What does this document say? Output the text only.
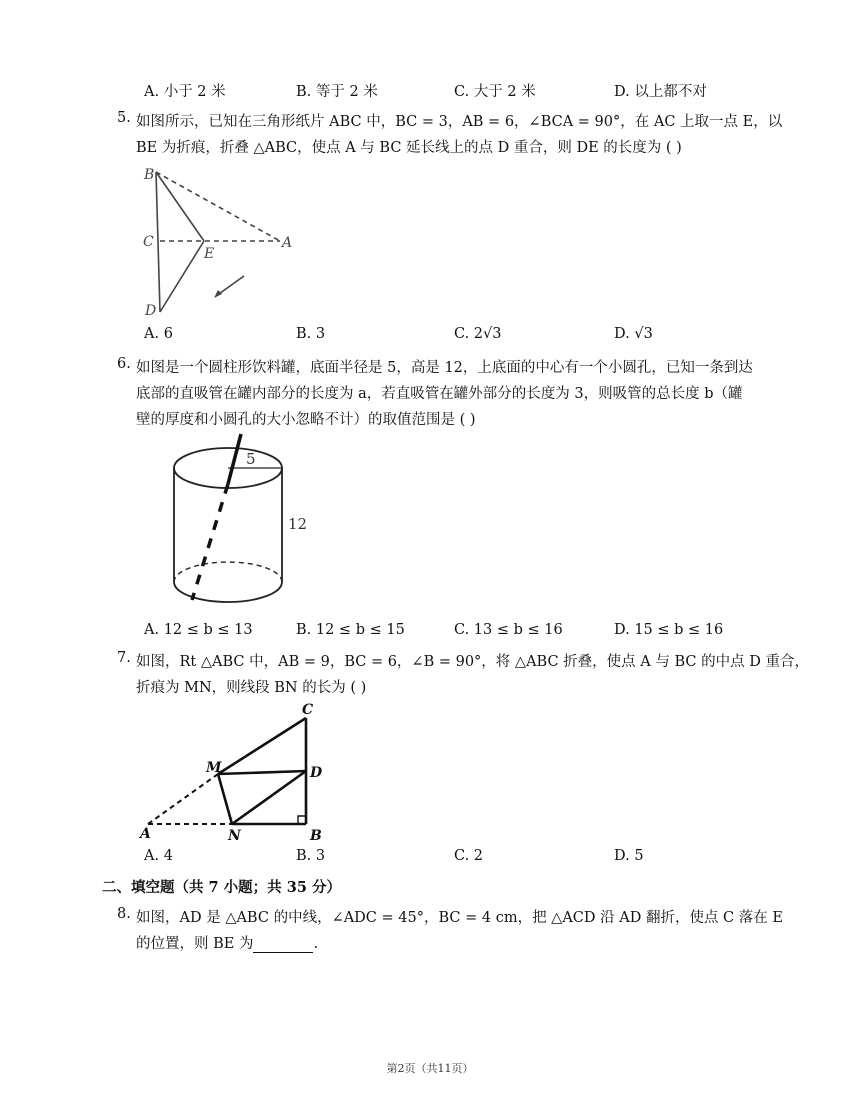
A. 小于 2 米	B. 等于 2 米	C. 大于 2 米	D. 以上都不对
5. 如图所示，已知在三角形纸片 ABC 中，BC = 3，AB = 6，∠BCA = 90°，在 AC 上取一点 E，以
BE 为折痕，折叠 △ABC，使点 A 与 BC 延长线上的点 D 重合，则 DE 的长度为 ( )
B
C
D
E
A
A. 6	B. 3	C. 2√3	D. √3
6. 如图是一个圆柱形饮料罐，底面半径是 5，高是 12，上底面的中心有一个小圆孔，已知一条到达
底部的直吸管在罐内部分的长度为 a，若直吸管在罐外部分的长度为 3，则吸管的总长度 b（罐
壁的厚度和小圆孔的大小忽略不计）的取值范围是 ( )
5
12
A. 12 ≤ b ≤ 13	B. 12 ≤ b ≤ 15	C. 13 ≤ b ≤ 16	D. 15 ≤ b ≤ 16
7. 如图，Rt △ABC 中，AB = 9，BC = 6，∠B = 90°，将 △ABC 折叠，使点 A 与 BC 的中点 D 重合，
折痕为 MN，则线段 BN 的长为 ( )
C
M	D
A	N	B
A. 4	B. 3	C. 2	D. 5
二、填空题（共 7 小题；共 35 分）
8. 如图，AD 是 △ABC 的中线，∠ADC = 45°，BC = 4 cm，把 △ACD 沿 AD 翻折，使点 C 落在 E
的位置，则 BE 为	.
第2页（共11页）
